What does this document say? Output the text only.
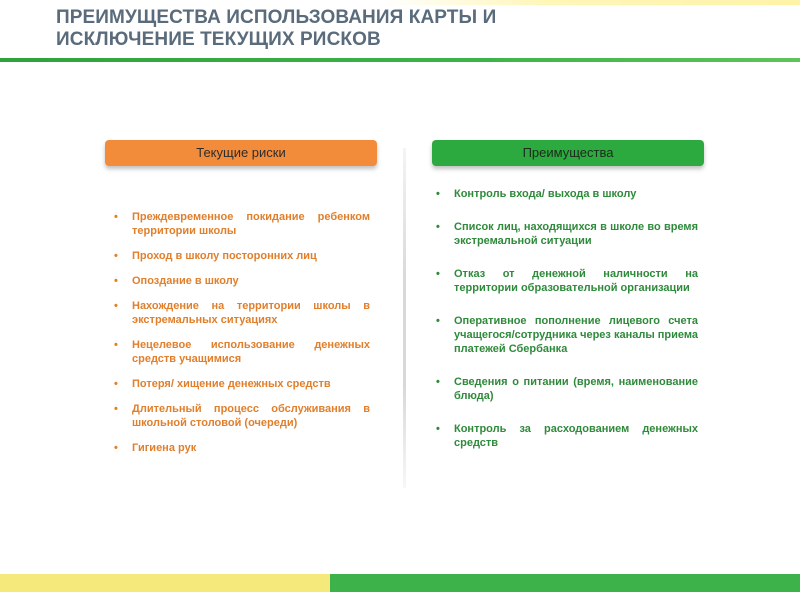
ПРЕИМУЩЕСТВА ИСПОЛЬЗОВАНИЯ КАРТЫ И
ИСКЛЮЧЕНИЕ ТЕКУЩИХ РИСКОВ
Текущие риски	Преимущества
• Преждевременное покидание ребенком территории школы
• Проход в школу посторонних лиц
• Опоздание в школу
• Нахождение на территории школы в экстремальных ситуациях
• Нецелевое использование денежных средств учащимися
• Потеря/ хищение денежных средств
• Длительный процесс обслуживания в школьной столовой (очереди)
• Гигиена рук
• Контроль входа/ выхода в школу
• Список лиц, находящихся в школе во время экстремальной ситуации
• Отказ от денежной наличности на территории образовательной организации
• Оперативное пополнение лицевого счета учащегося/сотрудника через каналы приема платежей Сбербанка
• Сведения о питании (время, наименование блюда)
• Контроль за расходованием денежных средств
